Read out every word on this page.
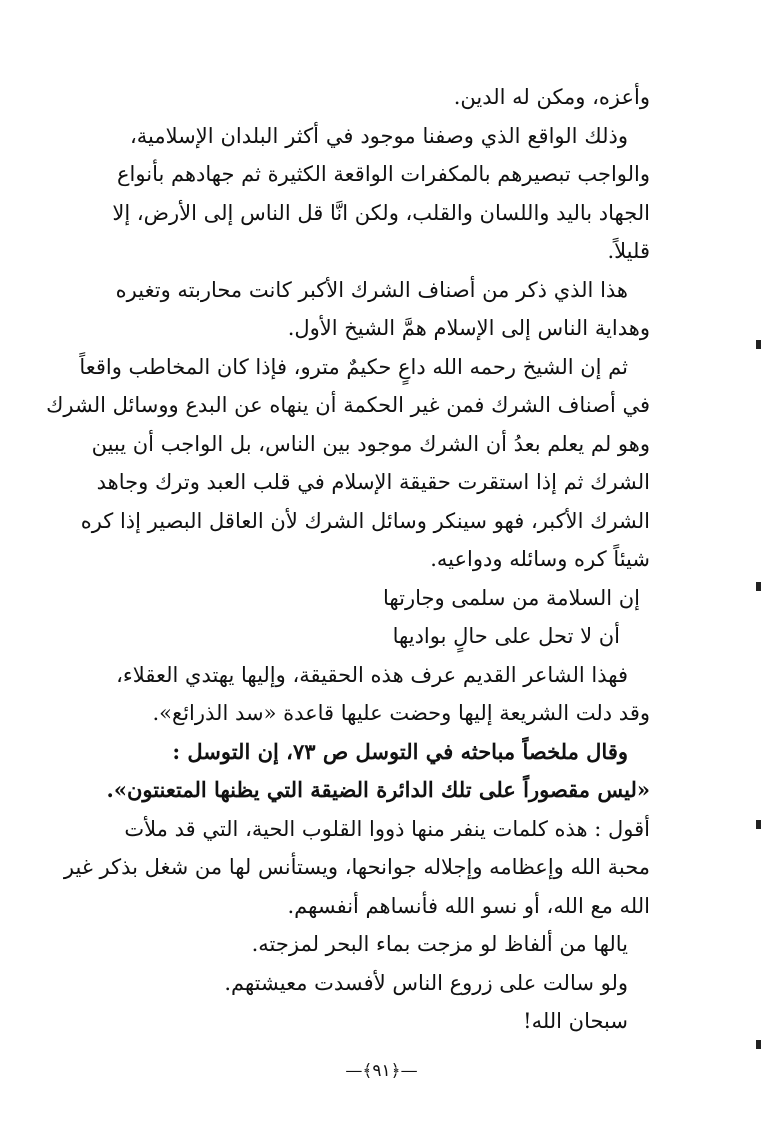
وأعزه، ومكن له الدين.
وذلك الواقع الذي وصفنا موجود في أكثر البلدان الإسلامية،
والواجب تبصيرهم بالمكفرات الواقعة الكثيرة ثم جهادهم بأنواع
الجهاد باليد واللسان والقلب، ولكن انَّا قل الناس إلى الأرض، إلا
قليلاً.
هذا الذي ذكر من أصناف الشرك الأكبر كانت محاربته وتغيره
وهداية الناس إلى الإسلام همَّ الشيخ الأول.
ثم إن الشيخ رحمه الله داعٍ حكيمٌ مترو، فإذا كان المخاطب واقعاً
في أصناف الشرك فمن غير الحكمة أن ينهاه عن البدع ووسائل الشرك
وهو لم يعلم بعدُ أن الشرك موجود بين الناس، بل الواجب أن يبين
الشرك ثم إذا استقرت حقيقة الإسلام في قلب العبد وترك وجاهد
الشرك الأكبر، فهو سينكر وسائل الشرك لأن العاقل البصير إذا كره
شيئاً كره وسائله ودواعيه.
إن السلامة من سلمى وجارتها
أن لا تحل على حالٍ بواديها
فهذا الشاعر القديم عرف هذه الحقيقة، وإليها يهتدي العقلاء،
وقد دلت الشريعة إليها وحضت عليها قاعدة «سد الذرائع».
وقال ملخصاً مباحثه في التوسل ص ٧٣، إن التوسل :
«ليس مقصوراً على تلك الدائرة الضيقة التي يظنها المتعنتون».
أقول : هذه كلمات ينفر منها ذووا القلوب الحية، التي قد ملأت
محبة الله وإعظامه وإجلاله جوانحها، ويستأنس لها من شغل بذكر غير
الله مع الله، أو نسو الله فأنساهم أنفسهم.
يالها من ألفاظ لو مزجت بماء البحر لمزجته.
ولو سالت على زروع الناس لأفسدت معيشتهم.
سبحان الله!
—﴿٩١﴾—
